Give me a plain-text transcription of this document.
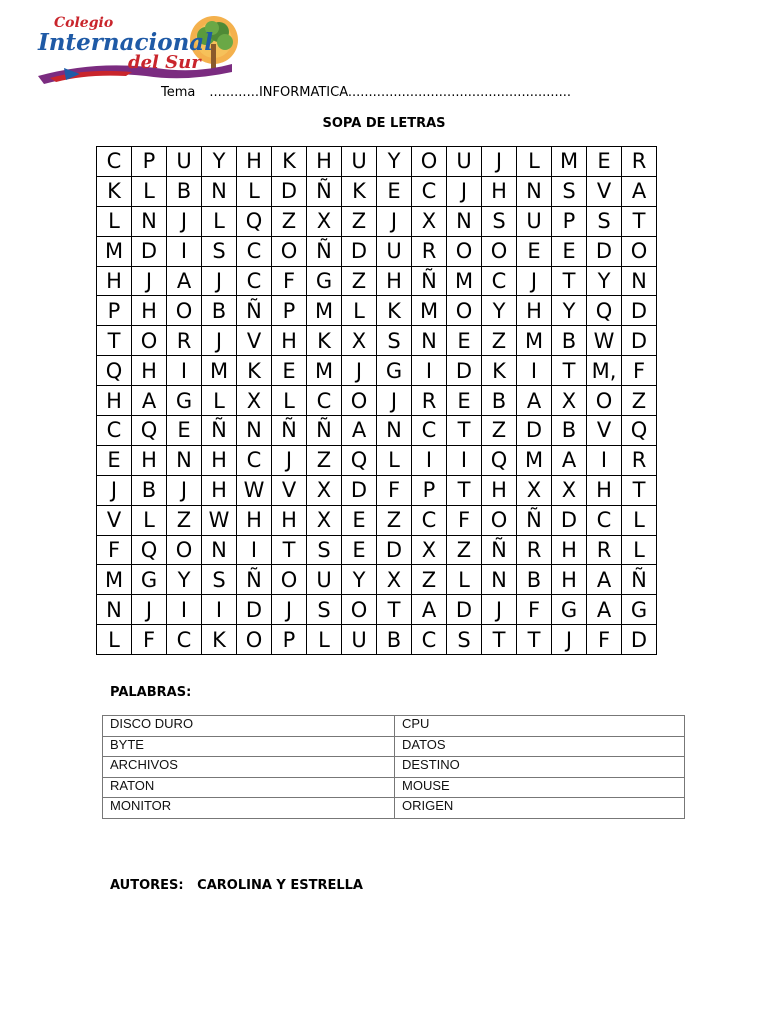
Colegio
Internacional
del Sur
Tema ............INFORMATICA......................................................
SOPA DE LETRAS
C	P	U	Y	H	K	H	U	Y	O	U	J	L	M	E	R
K	L	B	N	L	D	Ñ	K	E	C	J	H	N	S	V	A
L	N	J	L	Q	Z	X	Z	J	X	N	S	U	P	S	T
M	D	I	S	C	O	Ñ	D	U	R	O	O	E	E	D	O
H	J	A	J	C	F	G	Z	H	Ñ	M	C	J	T	Y	N
P	H	O	B	Ñ	P	M	L	K	M	O	Y	H	Y	Q	D
T	O	R	J	V	H	K	X	S	N	E	Z	M	B	W	D
Q	H	I	M	K	E	M	J	G	I	D	K	I	T	M,	F
H	A	G	L	X	L	C	O	J	R	E	B	A	X	O	Z
C	Q	E	Ñ	N	Ñ	Ñ	A	N	C	T	Z	D	B	V	Q
E	H	N	H	C	J	Z	Q	L	I	I	Q	M	A	I	R
J	B	J	H	W	V	X	D	F	P	T	H	X	X	H	T
V	L	Z	W	H	H	X	E	Z	C	F	O	Ñ	D	C	L
F	Q	O	N	I	T	S	E	D	X	Z	Ñ	R	H	R	L
M	G	Y	S	Ñ	O	U	Y	X	Z	L	N	B	H	A	Ñ
N	J	I	I	D	J	S	O	T	A	D	J	F	G	A	G
L	F	C	K	O	P	L	U	B	C	S	T	T	J	F	D
PALABRAS:
DISCO DURO	CPU
BYTE	DATOS
ARCHIVOS	DESTINO
RATON	MOUSE
MONITOR	ORIGEN
AUTORES:   CAROLINA Y ESTRELLA
